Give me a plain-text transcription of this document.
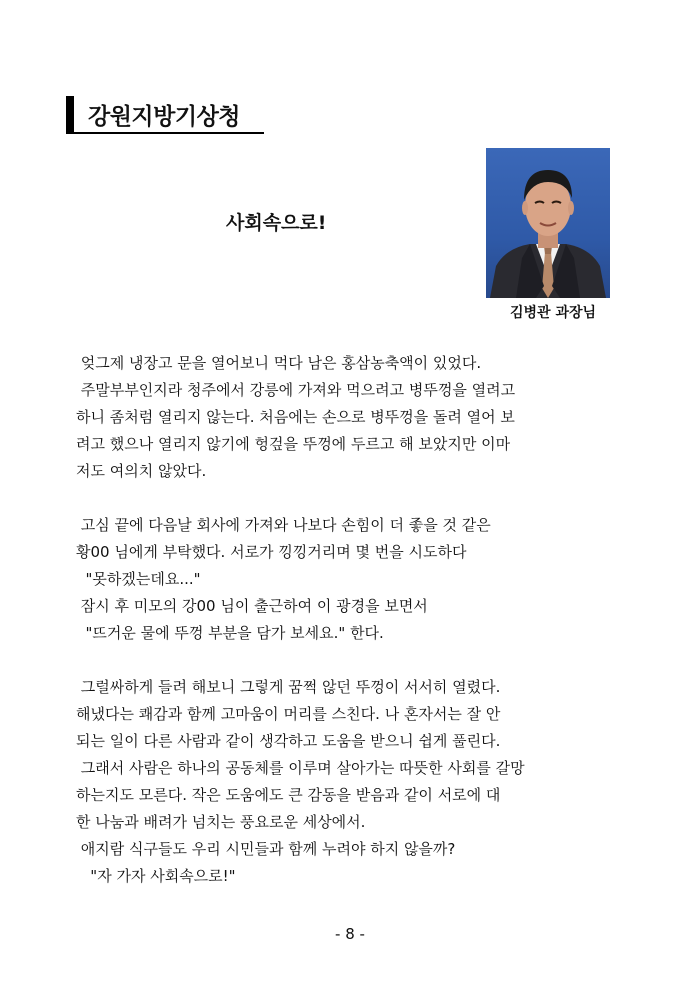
강원지방기상청
사회속으로!
김병관 과장님
엊그제 냉장고 문을 열어보니 먹다 남은 홍삼농축액이 있었다.
주말부부인지라 청주에서 강릉에 가져와 먹으려고 병뚜껑을 열려고
하니 좀처럼 열리지 않는다. 처음에는 손으로 병뚜껑을 돌려 열어 보
려고 했으나 열리지 않기에 헝겊을 뚜껑에 두르고 해 보았지만 이마
저도 여의치 않았다.
고심 끝에 다음날 회사에 가져와 나보다 손힘이 더 좋을 것 같은
황00 님에게 부탁했다. 서로가 낑낑거리며 몇 번을 시도하다
"못하겠는데요..."
잠시 후 미모의 강00 님이 출근하여 이 광경을 보면서
"뜨거운 물에 뚜껑 부분을 담가 보세요." 한다.
그럴싸하게 들려 해보니 그렇게 꿈쩍 않던 뚜껑이 서서히 열렸다.
해냈다는 쾌감과 함께 고마움이 머리를 스친다. 나 혼자서는 잘 안
되는 일이 다른 사람과 같이 생각하고 도움을 받으니 쉽게 풀린다.
그래서 사람은 하나의 공동체를 이루며 살아가는 따뜻한 사회를 갈망
하는지도 모른다. 작은 도움에도 큰 감동을 받음과 같이 서로에 대
한 나눔과 배려가 넘치는 풍요로운 세상에서.
애지람 식구들도 우리 시민들과 함께 누려야 하지 않을까?
"자 가자 사회속으로!"
- 8 -
